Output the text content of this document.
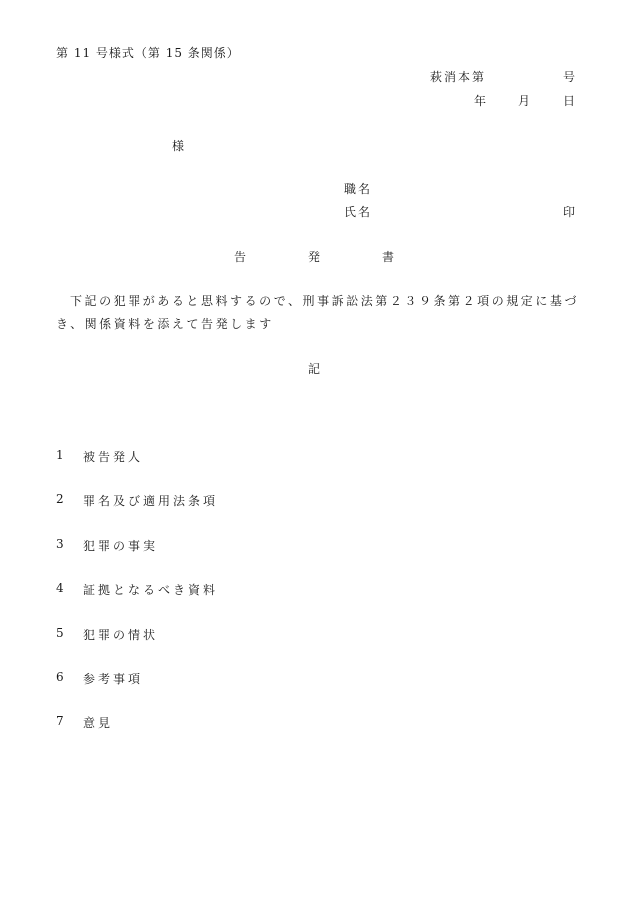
第 11 号様式（第 15 条関係）
萩消本第	号
年	月	日
様
職名
氏名	印
告	発	書
下記の犯罪があると思料するので、刑事訴訟法第２３９条第２項の規定に基づ
き、関係資料を添えて告発します
記
1 被告発人
2 罪名及び適用法条項
3 犯罪の事実
4 証拠となるべき資料
5 犯罪の情状
6 参考事項
7 意見
